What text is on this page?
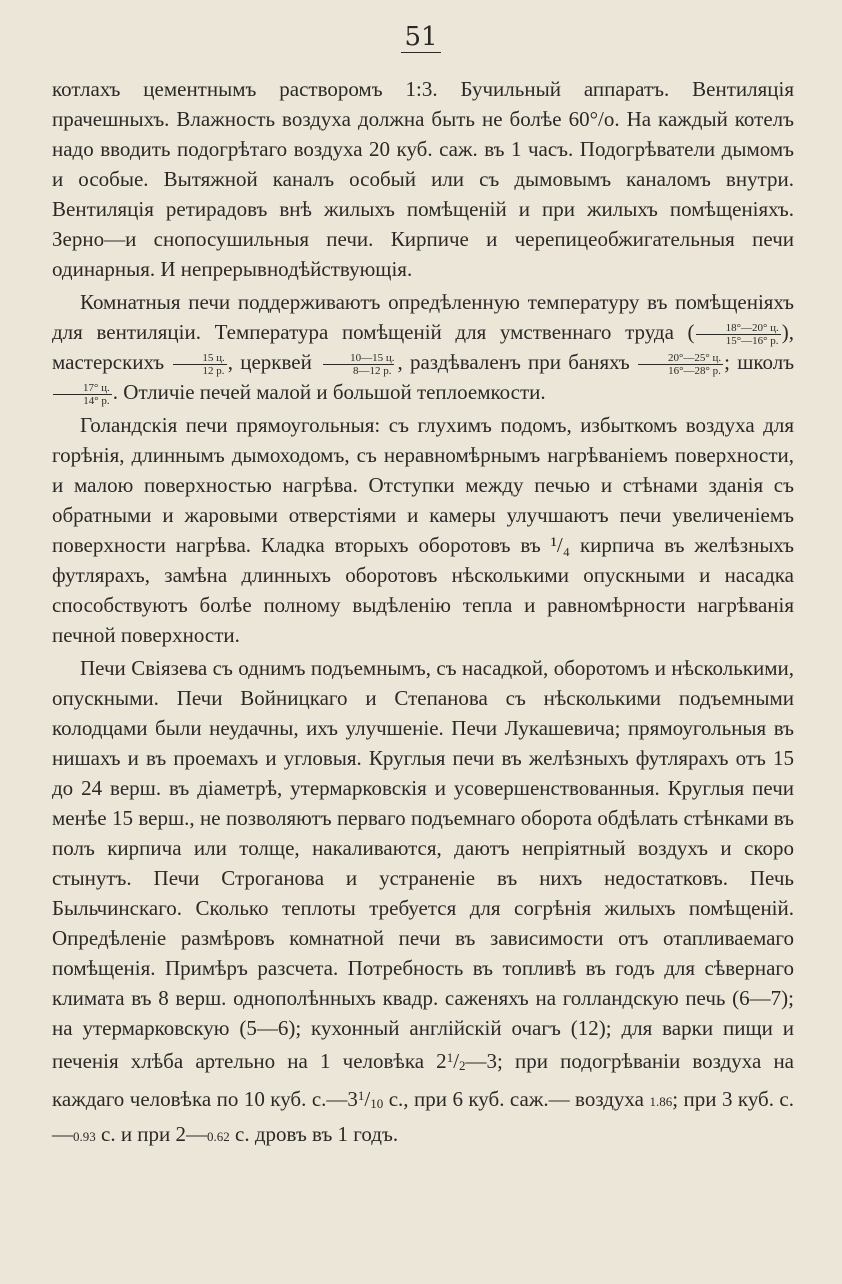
51

котлахъ цементнымъ растворомъ 1:3. Бучильный аппаратъ. Вентиляція прачешныхъ. Влажность воздуха должна быть не болѣе 60°/о. На каждый котелъ надо вводить подогрѣтаго воздуха 20 куб. саж. въ 1 часъ. Подогрѣватели дымомъ и особые. Вытяжной каналъ особый или съ дымовымъ каналомъ внутри. Вентиляція ретирадовъ внѣ жилыхъ помѣщеній и при жилыхъ помѣщеніяхъ. Зерно—и снопосушильныя печи. Кирпиче и черепицеобжигательныя печи одинарныя. И непрерывнодѣйствующія.

Комнатныя печи поддерживаютъ опредѣленную температуру въ помѣщеніяхъ для вентиляціи. Температура помѣщеній для умственнаго труда ( $\frac{18^\circ—20^\circ ц.}{15^\circ—16^\circ р.}$ ), мастерскихъ $\frac{15 ц.}{12 р.}$ , церквей $\frac{10—15 ц.}{8—12 р.}$ , раздѣваленъ при баняхъ $\frac{20^\circ—25^\circ ц.}{16^\circ—28^\circ р.}$ ; школъ
$\frac{17^\circ ц.}{14^\circ р.}$ . Отличіе печей малой и большой теплоемкости.

Голандскія печи прямоугольныя: съ глухимъ подомъ, избыткомъ воздуха для горѣнія, длиннымъ дымоходомъ, съ неравномѣрнымъ нагрѣваніемъ поверхности, и малою поверхностью нагрѣва. Отступки между печью и стѣнами зданія съ обратными и жаровыми отверстіями и камеры улучшаютъ печи увеличеніемъ поверхности нагрѣва. Кладка вторыхъ оборотовъ въ ¹/₄ кирпича въ желѣзныхъ футлярахъ, замѣна длинныхъ оборотовъ нѣсколькими опускными и насадка способствуютъ болѣе полному выдѣленію тепла и равномѣрности нагрѣванія печной поверхности.

Печи Свіязева съ однимъ подъемнымъ, съ насадкой, оборотомъ и нѣсколькими, опускными. Печи Войницкаго и Степанова съ нѣсколькими подъемными колодцами были неудачны, ихъ улучшеніе. Печи Лукашевича; прямоугольныя въ нишахъ и въ проемахъ и угловыя. Круглыя печи въ желѣзныхъ футлярахъ отъ 15 до 24 верш. въ діаметрѣ, утермарковскія и усовершенствованныя. Круглыя печи менѣе 15 верш., не позволяютъ перваго подъемнаго оборота обдѣлать стѣнками въ полъ кирпича или толще, накаливаются, даютъ непріятный воздухъ и скоро стынутъ. Печи Строганова и устраненіе въ нихъ недостатковъ. Печь Быльчинскаго. Сколько теплоты требуется для согрѣнія жилыхъ помѣщеній. Опредѣленіе размѣровъ комнатной печи въ зависимости отъ отапливаемаго помѣщенія. Примѣръ разсчета. Потребность въ топливѣ въ годъ для сѣвернаго климата въ 8 верш. однополѣнныхъ квадр. саженяхъ на голландскую печь (6—7); на утермарковскую (5—6); кухонный англійскій очагъ (12); для варки пищи и печенія хлѣба артельно на 1 человѣка $2^1/_2—3$; при подогрѣваніи воздуха на каждаго человѣка по 10 куб. $с.—3^1/_{10}$ с., при 6 куб. саж.— воздуха 1.86; при 3 куб. с.—0.93 с. и при 2—0.62 с. дровъ въ 1 годъ.
